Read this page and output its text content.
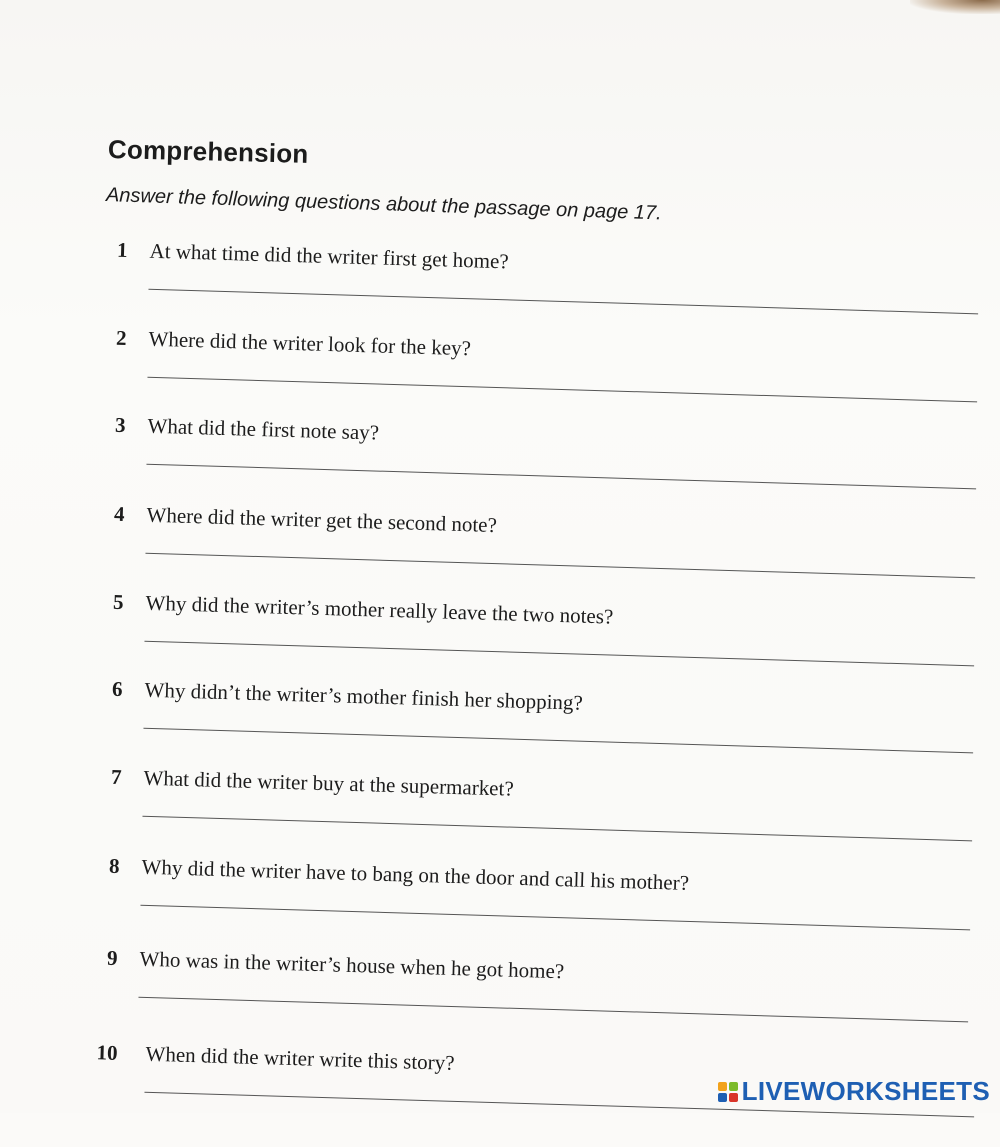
Comprehension
Answer the following questions about the passage on page 17.
1 At what time did the writer first get home?
2 Where did the writer look for the key?
3 What did the first note say?
4 Where did the writer get the second note?
5 Why did the writer’s mother really leave the two notes?
6 Why didn’t the writer’s mother finish her shopping?
7 What did the writer buy at the supermarket?
8 Why did the writer have to bang on the door and call his mother?
9 Who was in the writer’s house when he got home?
10 When did the writer write this story?
LIVEWORKSHEETS
